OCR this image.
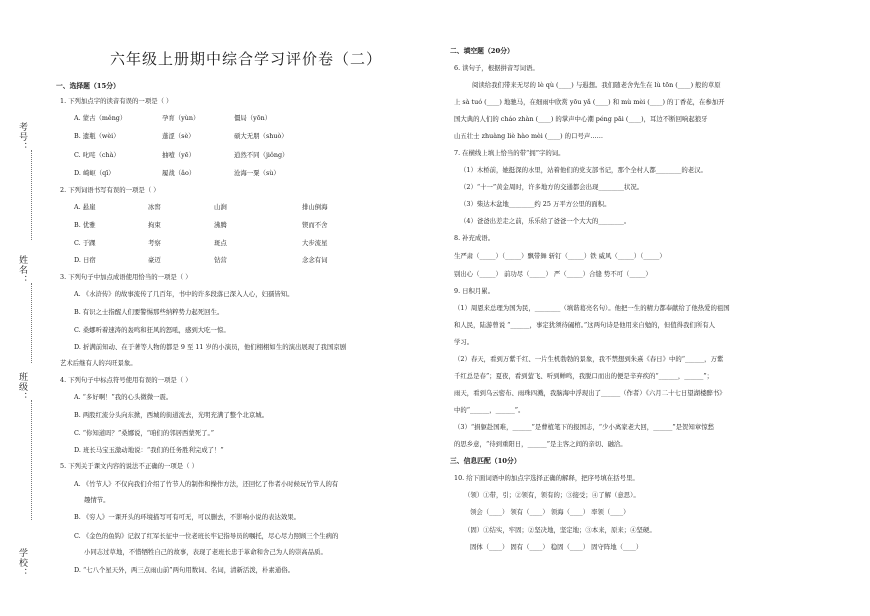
考号：
姓名：
班级：
学校：
六年级上册期中综合学习评价卷（二）
一、选择题（15分）
1. 下列加点字的读音有误的一项是（ ）
A. 蒙古（měng）	孕育（yùn）	僵局（yōn）
B. 遗瓶（wèi）	蓬涩（sè）	硕大无朋（shuò）
C. 叱咤（chà）	抽噎（yē）	逍然不同（jiǒng）
D. 崎岖（qī）	履战（ǎo）	沧海一粟（sù）
2. 下列词语书写有误的一项是（ ）
A. 悬崖	冰窖	山涧	排山倒海
B. 优雅	拘束	沸腾	锲而不舍
C. 于踝	考察	斑点	大步流星
D. 日宿	豪迈	钻营	念念有词
3. 下列句子中加点成语使用恰当的一项是（ ）
A. 《水浒传》的故事流传了几百年，书中的许多段落已深入人心，妇孺皆知。
B. 有识之士指醒人们要警惕那些纳粹势力起死回生。
C. 桑娜听着速涛的轰鸣和狂风的怒吼，感到大吃一惊。
D. 折满前知动、在于著等人物的都是 9 至 11 岁的小演员，他们栩栩如生的演出展现了我国京剧
艺术后继有人的兴旺景象。
4. 下列句子中标点符号使用有误的一项是（ ）
A. “多好啊！”我的心头微微一震。
B. 两股红流分头向东掀，西城的街道流去，光明充满了整个北京城。
C. “你知道吗？”桑娜说，“咱们的邻居西蒙死了。”
D. 班长马宝玉激动地说：“我们的任务胜利完成了！”
5. 下列关于课文内容的说法不正确的一项是（ ）
A. 《竹节人》不仅向我们介绍了竹节人的制作和操作方法，还回忆了作者小时候玩竹节人的有
趣情节。
B. 《穷人》一课开头的环境描写可有可无，可以删去，不影响小说的表达效果。
C. 《金色的鱼钩》记叙了红军长征中一位老班长牢记指导员的嘱托，尽心尽力照顾三个生病的
小同志过草地，不惜牺牲自己的故事，表现了老班长忠于革命和舍己为人的崇高品质。
D. “七八个星天外，两三点雨山前”两句用数词、名词，清新活泼，朴素通俗。
二、填空题（20分）
6. 读句子，根据拼音写词语。
阅读给我们带来无尽的 lè qù (____) 与遐想。我们随老舍先生在 lù tōn (____) 般的草原
上 sà tuó (____) 地驰马，在细雨中欣赏 yōu yǎ (____) 和 mù mèi (____) 的丁香花，在参加开
国大典的人们的 cháo zhàn (____) 的掌声中心潮 péng pāi (____)，耳边不断回响起狼牙
山五壮士 zhuàng liè hào mèi (____) 的口号声……
7. 在横线上填上恰当的带“拥”字的词。
（1）木桥前，她挺深的水里，站着他们的党支部书记，那个全村人都________的老汉。
（2）“十一”黄金周时，许多地方的交通都会出现________状况。
（3）柴达木盆地________约 25 万平方公里的面积。
（4）爸爸出差走之前，乐乐给了爸爸一个大大的________。
8. 补充成语。
生严肃（_____）（_____）飘带舞 斩钉（_____）铁 威风（_____）（_____）
别出心（_____） 前功尽（_____） 严（_____）合缝 势不可（_____）
9. 日积月累。
（1）周恩来总理为国为民，________（填谐葛亮名句）。他把一生的精力都奉献给了他热爱的祖国
和人民，陆游曾说 “______，事定犹须待阖棺。”这两句诗是他用来自勉的，但值得我们所有人
学习。
（2）春天，看到万紫千红、一片生机勃勃的景象，我不禁想到朱熹《春日》中的“______，万紫
千红总是春”；夏夜，看到萤飞、听到蝉鸣，我脱口而出的便是辛弃疾的“______，______”；
雨天，看到乌云密布、雨珠四溅，我脑海中浮现出了______（作者）《六月二十七日望湖楼醉书》
中的“______，______”。
（3）“捐躯赴国难，______”是曹植笔下的报国志，“少小离家老大回，______”是贺知章惊愁
的思乡意，“待到重阳日，______”是主客之间的亲切、融洽。
三、信息匹配（10分）
10. 给下面词语中的加点字选择正确的解释，把序号填在括号里。
（领）①带，引；②领有，领有的；③接受；④了解（意思）。
领会（____） 领有（____） 领海（____） 率领（____）
（固）①结实，牢固；②坚决地，坚定地；③本来，原来；④坚硬。
固体（____） 固有（____） 稳固（____） 固守阵地（____）
